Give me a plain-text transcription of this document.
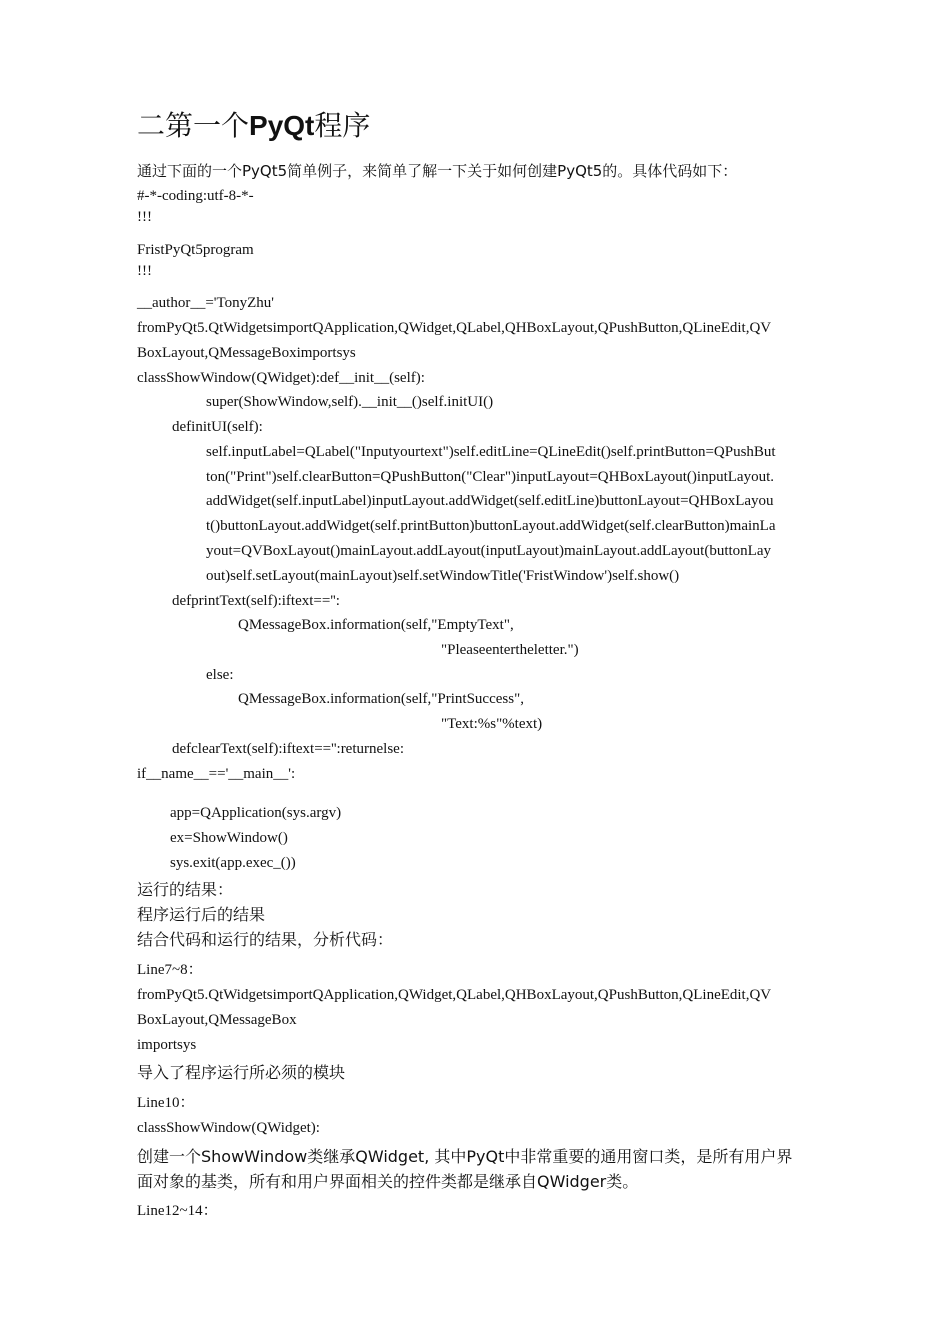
二第一个PyQt程序

通过下面的一个PyQt5简单例子，来简单了解一下关于如何创建PyQt5的。具体代码如下：

#-*-coding:utf-8-*-

!!!

FristPyQt5program

!!!

__author__='TonyZhu'

fromPyQt5.QtWidgetsimportQApplication,QWidget,QLabel,QHBoxLayout,QPushButton,QLineEdit,QV

BoxLayout,QMessageBoximportsys

classShowWindow(QWidget):def__init__(self):

super(ShowWindow,self).__init__()self.initUI()

definitUI(self):

self.inputLabel=QLabel("Inputyourtext")self.editLine=QLineEdit()self.printButton=QPushBut

ton("Print")self.clearButton=QPushButton("Clear")inputLayout=QHBoxLayout()inputLayout.

addWidget(self.inputLabel)inputLayout.addWidget(self.editLine)buttonLayout=QHBoxLayou

t()buttonLayout.addWidget(self.printButton)buttonLayout.addWidget(self.clearButton)mainLa

yout=QVBoxLayout()mainLayout.addLayout(inputLayout)mainLayout.addLayout(buttonLay

out)self.setLayout(mainLayout)self.setWindowTitle('FristWindow')self.show()

defprintText(self):iftext=='':

QMessageBox.information(self,"EmptyText",

"Pleaseentertheletter.")

else:

QMessageBox.information(self,"PrintSuccess",

"Text:%s"%text)

defclearText(self):iftext=='':returnelse:

if__name__=='__main__':

app=QApplication(sys.argv)

ex=ShowWindow()

sys.exit(app.exec_())

运行的结果：

程序运行后的结果

结合代码和运行的结果，分析代码：

Line7~8：

fromPyQt5.QtWidgetsimportQApplication,QWidget,QLabel,QHBoxLayout,QPushButton,QLineEdit,QV

BoxLayout,QMessageBox

importsys

导入了程序运行所必须的模块

Line10：

classShowWindow(QWidget):

创建一个ShowWindow类继承QWidget, 其中PyQt中非常重要的通用窗口类，是所有用户界

面对象的基类，所有和用户界面相关的控件类都是继承自QWidger类。

Line12~14：
